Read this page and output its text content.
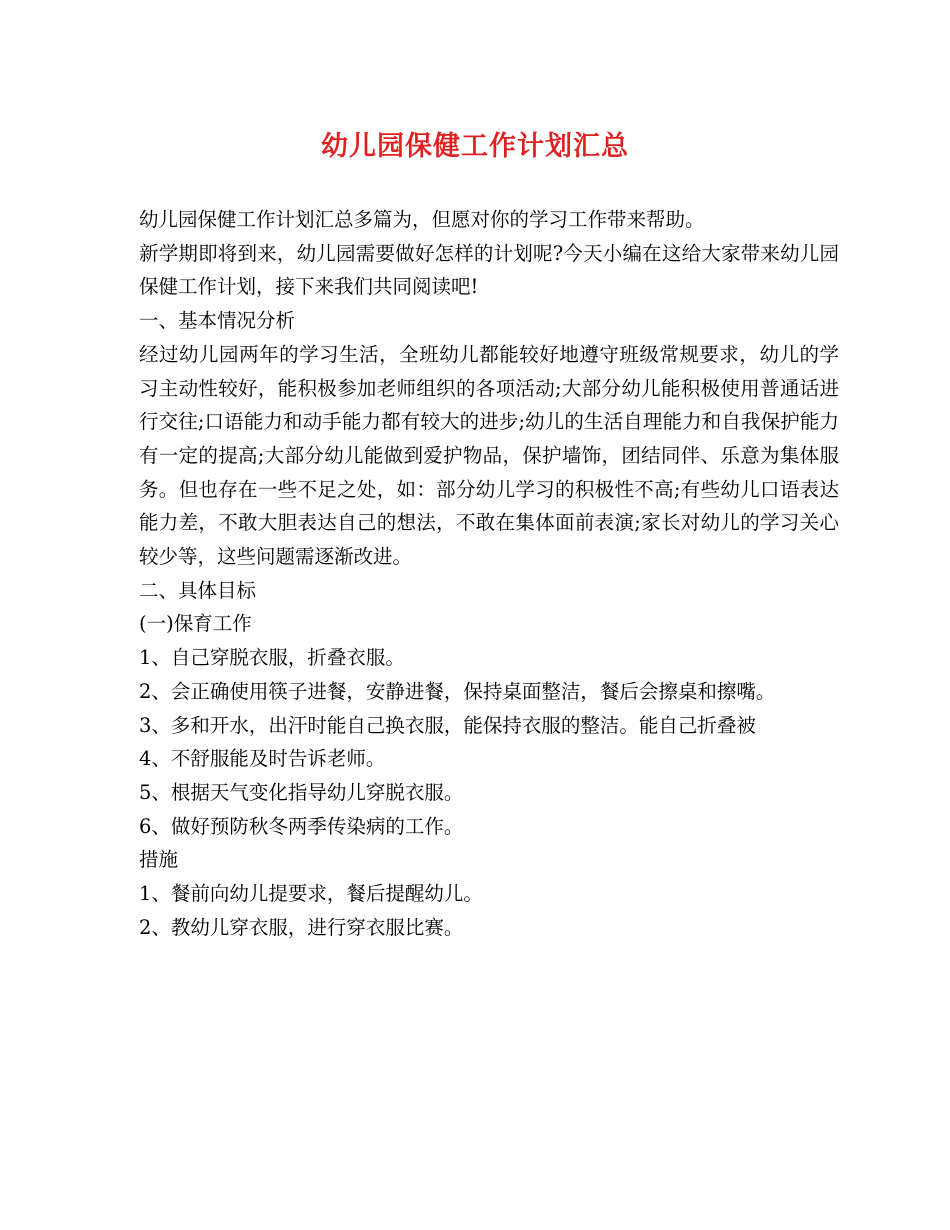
幼儿园保健工作计划汇总

幼儿园保健工作计划汇总多篇为，但愿对你的学习工作带来帮助。

新学期即将到来，幼儿园需要做好怎样的计划呢?今天小编在这给大家带来幼儿园保健工作计划，接下来我们共同阅读吧!

一、基本情况分析

经过幼儿园两年的学习生活，全班幼儿都能较好地遵守班级常规要求，幼儿的学习主动性较好，能积极参加老师组织的各项活动;大部分幼儿能积极使用普通话进行交往;口语能力和动手能力都有较大的进步;幼儿的生活自理能力和自我保护能力有一定的提高;大部分幼儿能做到爱护物品，保护墙饰，团结同伴、乐意为集体服务。但也存在一些不足之处，如：部分幼儿学习的积极性不高;有些幼儿口语表达能力差，不敢大胆表达自己的想法，不敢在集体面前表演;家长对幼儿的学习关心较少等，这些问题需逐渐改进。

二、具体目标

(一)保育工作

1、自己穿脱衣服，折叠衣服。

2、会正确使用筷子进餐，安静进餐，保持桌面整洁，餐后会擦桌和擦嘴。

3、多和开水，出汗时能自己换衣服，能保持衣服的整洁。能自己折叠被

4、不舒服能及时告诉老师。

5、根据天气变化指导幼儿穿脱衣服。

6、做好预防秋冬两季传染病的工作。

措施

1、餐前向幼儿提要求，餐后提醒幼儿。

2、教幼儿穿衣服，进行穿衣服比赛。
